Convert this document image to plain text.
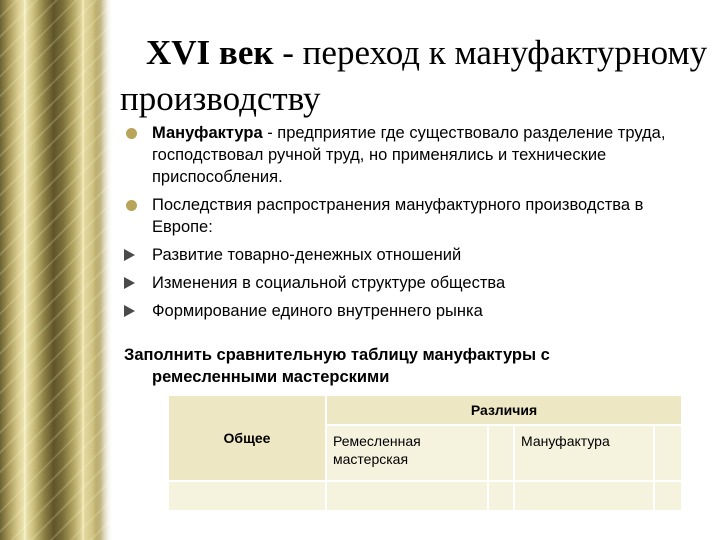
XVI век - переход к мануфактурному производству
Мануфактура - предприятие где существовало разделение труда, господствовал ручной труд, но применялись и технические приспособления.
Последствия распространения мануфактурного производства в Европе:
Развитие товарно-денежных отношений
Изменения в социальной структуре общества
Формирование единого внутреннего рынка
Заполнить сравнительную таблицу мануфактуры с
ремесленными мастерскими
Общее	Различия			
	Ремесленная мастерская		Мануфактура	
